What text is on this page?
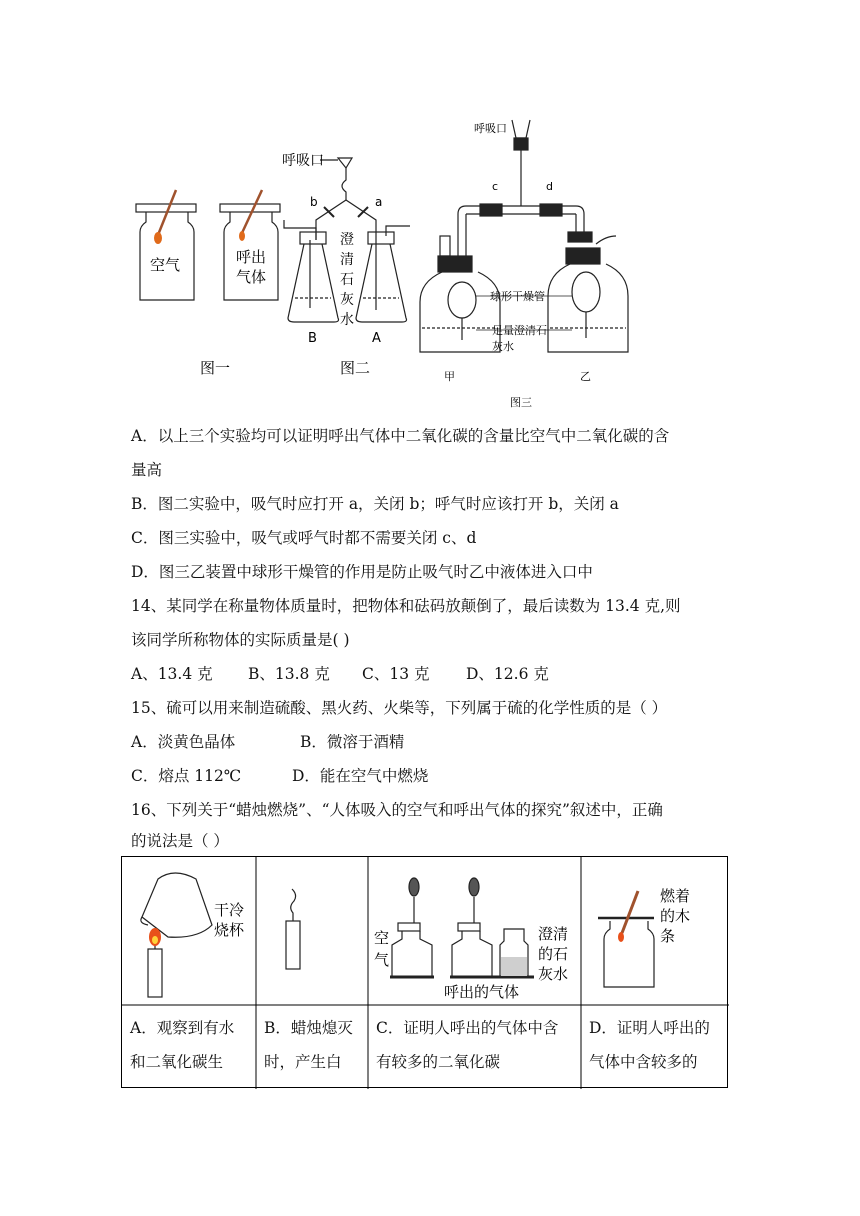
空气	呼出
气体
图一
呼吸口
b	a
澄
清
石
灰
水
B	A
图二
呼吸口
c	d
球形干燥管
足量澄清石
灰水
甲	乙
图三
A．以上三个实验均可以证明呼出气体中二氧化碳的含量比空气中二氧化碳的含
量高
B．图二实验中，吸气时应打开 a，关闭 b；呼气时应该打开 b，关闭 a
C．图三实验中，吸气或呼气时都不需要关闭 c、d
D．图三乙装置中球形干燥管的作用是防止吸气时乙中液体进入口中
14、某同学在称量物体质量时，把物体和砝码放颠倒了，最后读数为 13.4 克,则
该同学所称物体的实际质量是( )
A、13.4 克 B、13.8 克 C、13 克 D、12.6 克
15、硫可以用来制造硫酸、黑火药、火柴等，下列属于硫的化学性质的是（ ）
A．淡黄色晶体	B．微溶于酒精
C．熔点 112℃	D．能在空气中燃烧
16、下列关于“蜡烛燃烧”、“人体吸入的空气和呼出气体的探究”叙述中，正确
的说法是（ ）
干冷
烧杯	空
气
呼出的气体
澄清
的石
灰水
燃着
的木
条
A．观察到有水
和二氧化碳生
B．蜡烛熄灭
时，产生白
C．证明人呼出的气体中含
有较多的二氧化碳
D．证明人呼出的
气体中含较多的
